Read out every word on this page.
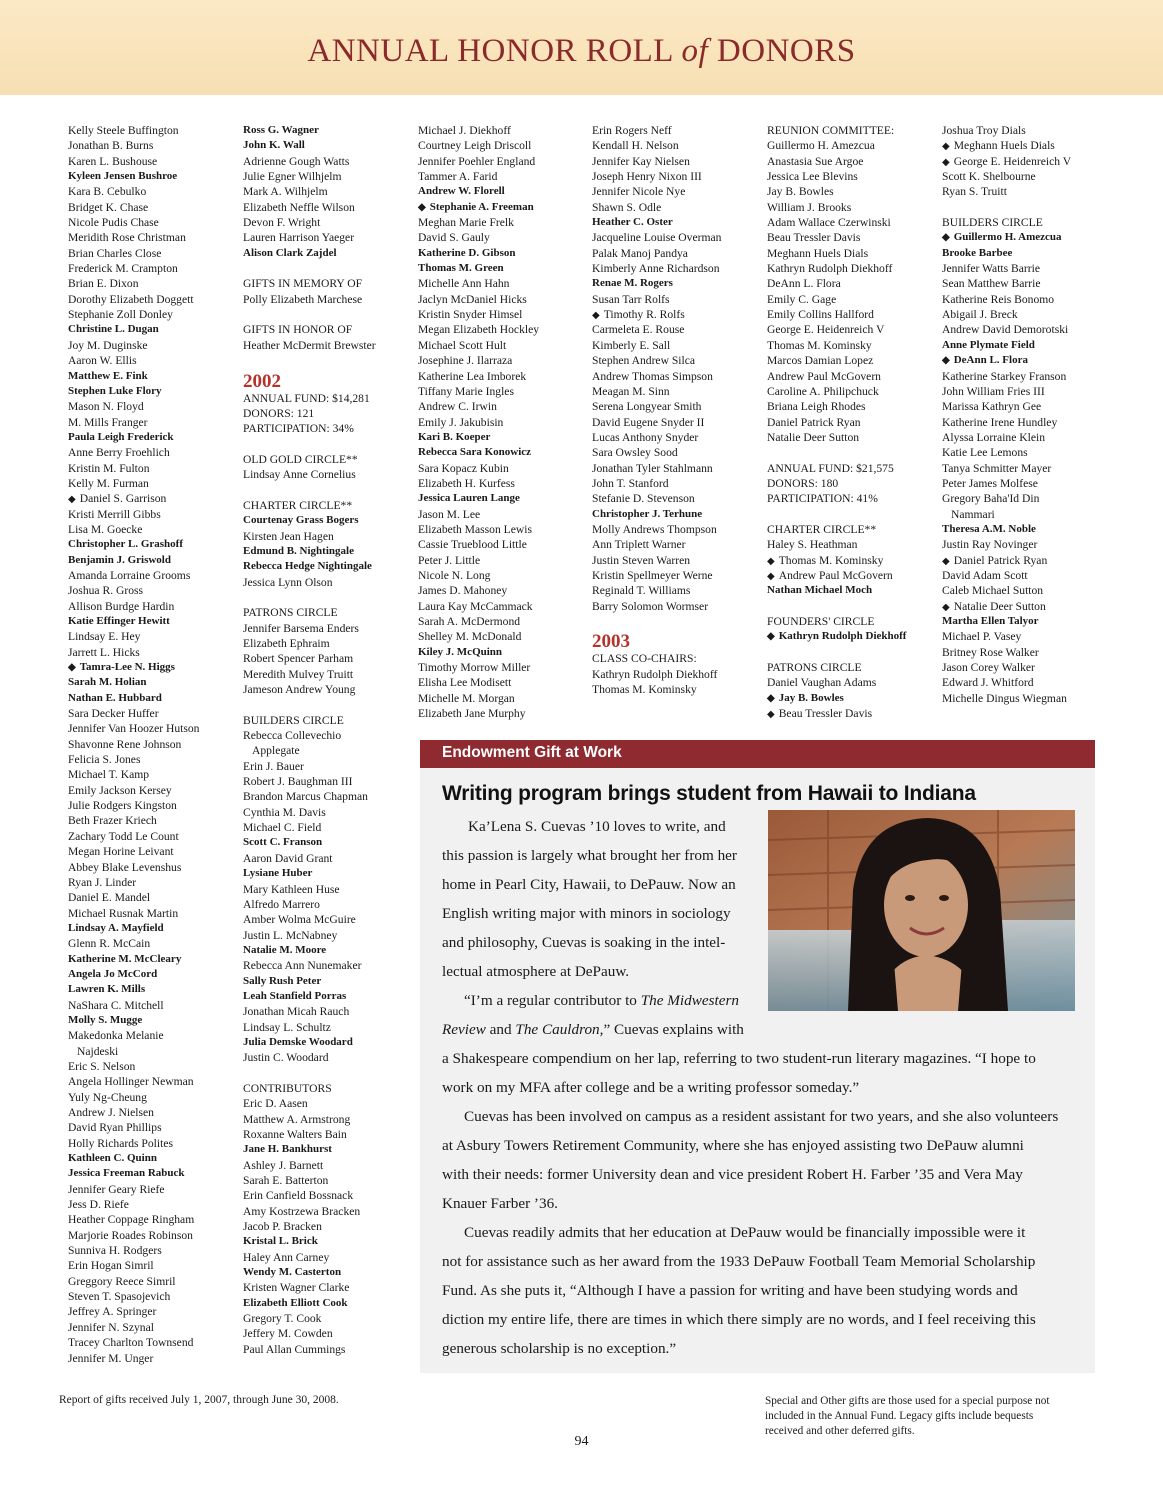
ANNUAL HONOR ROLL of DONORS
Kelly Steele Buffington
Jonathan B. Burns
Karen L. Bushouse
Kyleen Jensen Bushroe
Kara B. Cebulko
Bridget K. Chase
Nicole Pudis Chase
Meridith Rose Christman
Brian Charles Close
Frederick M. Crampton
Brian E. Dixon
Dorothy Elizabeth Doggett
Stephanie Zoll Donley
Christine L. Dugan
Joy M. Duginske
Aaron W. Ellis
Matthew E. Fink
Stephen Luke Flory
Mason N. Floyd
M. Mills Franger
Paula Leigh Frederick
Anne Berry Froehlich
Kristin M. Fulton
Kelly M. Furman
◆ Daniel S. Garrison
Kristi Merrill Gibbs
Lisa M. Goecke
Christopher L. Grashoff
Benjamin J. Griswold
Amanda Lorraine Grooms
Joshua R. Gross
Allison Burdge Hardin
Katie Effinger Hewitt
Lindsay E. Hey
Jarrett L. Hicks
◆ Tamra-Lee N. Higgs
Sarah M. Holian
Nathan E. Hubbard
Sara Decker Huffer
Jennifer Van Hoozer Hutson
Shavonne Rene Johnson
Felicia S. Jones
Michael T. Kamp
Emily Jackson Kersey
Julie Rodgers Kingston
Beth Frazer Kriech
Zachary Todd Le Count
Megan Horine Leivant
Abbey Blake Levenshus
Ryan J. Linder
Daniel E. Mandel
Michael Rusnak Martin
Lindsay A. Mayfield
Glenn R. McCain
Katherine M. McCleary
Angela Jo McCord
Lawren K. Mills
NaShara C. Mitchell
Molly S. Mugge
Makedonka Melanie
Najdeski
Eric S. Nelson
Angela Hollinger Newman
Yuly Ng-Cheung
Andrew J. Nielsen
David Ryan Phillips
Holly Richards Polites
Kathleen C. Quinn
Jessica Freeman Rabuck
Jennifer Geary Riefe
Jess D. Riefe
Heather Coppage Ringham
Marjorie Roades Robinson
Sunniva H. Rodgers
Erin Hogan Simril
Greggory Reece Simril
Steven T. Spasojevich
Jeffrey A. Springer
Jennifer N. Szynal
Tracey Charlton Townsend
Jennifer M. Unger
Ross G. Wagner
John K. Wall
Adrienne Gough Watts
Julie Egner Wilhjelm
Mark A. Wilhjelm
Elizabeth Neffle Wilson
Devon F. Wright
Lauren Harrison Yaeger
Alison Clark Zajdel
GIFTS IN MEMORY OF
Polly Elizabeth Marchese
GIFTS IN HONOR OF
Heather McDermit Brewster
2002
ANNUAL FUND: $14,281
DONORS: 121
PARTICIPATION: 34%
OLD GOLD CIRCLE**
Lindsay Anne Cornelius
CHARTER CIRCLE**
Courtenay Grass Bogers
Kirsten Jean Hagen
Edmund B. Nightingale
Rebecca Hedge Nightingale
Jessica Lynn Olson
PATRONS CIRCLE
Jennifer Barsema Enders
Elizabeth Ephraim
Robert Spencer Parham
Meredith Mulvey Truitt
Jameson Andrew Young
BUILDERS CIRCLE
Rebecca Collevechio
Applegate
Erin J. Bauer
Robert J. Baughman III
Brandon Marcus Chapman
Cynthia M. Davis
Michael C. Field
Scott C. Franson
Aaron David Grant
Lysiane Huber
Mary Kathleen Huse
Alfredo Marrero
Amber Wolma McGuire
Justin L. McNabney
Natalie M. Moore
Rebecca Ann Nunemaker
Sally Rush Peter
Leah Stanfield Porras
Jonathan Micah Rauch
Lindsay L. Schultz
Julia Demske Woodard
Justin C. Woodard
CONTRIBUTORS
Eric D. Aasen
Matthew A. Armstrong
Roxanne Walters Bain
Jane H. Bankhurst
Ashley J. Barnett
Sarah E. Batterton
Erin Canfield Bossnack
Amy Kostrzewa Bracken
Jacob P. Bracken
Kristal L. Brick
Haley Ann Carney
Wendy M. Casterton
Kristen Wagner Clarke
Elizabeth Elliott Cook
Gregory T. Cook
Jeffery M. Cowden
Paul Allan Cummings
Michael J. Diekhoff
Courtney Leigh Driscoll
Jennifer Poehler England
Tammer A. Farid
Andrew W. Florell
◆ Stephanie A. Freeman
Meghan Marie Frelk
David S. Gauly
Katherine D. Gibson
Thomas M. Green
Michelle Ann Hahn
Jaclyn McDaniel Hicks
Kristin Snyder Himsel
Megan Elizabeth Hockley
Michael Scott Hult
Josephine J. Ilarraza
Katherine Lea Imborek
Tiffany Marie Ingles
Andrew C. Irwin
Emily J. Jakubisin
Kari B. Koeper
Rebecca Sara Konowicz
Sara Kopacz Kubin
Elizabeth H. Kurfess
Jessica Lauren Lange
Jason M. Lee
Elizabeth Masson Lewis
Cassie Trueblood Little
Peter J. Little
Nicole N. Long
James D. Mahoney
Laura Kay McCammack
Sarah A. McDermond
Shelley M. McDonald
Kiley J. McQuinn
Timothy Morrow Miller
Elisha Lee Modisett
Michelle M. Morgan
Elizabeth Jane Murphy
Erin Rogers Neff
Kendall H. Nelson
Jennifer Kay Nielsen
Joseph Henry Nixon III
Jennifer Nicole Nye
Shawn S. Odle
Heather C. Oster
Jacqueline Louise Overman
Palak Manoj Pandya
Kimberly Anne Richardson
Renae M. Rogers
Susan Tarr Rolfs
◆ Timothy R. Rolfs
Carmeleta E. Rouse
Kimberly E. Sall
Stephen Andrew Silca
Andrew Thomas Simpson
Meagan M. Sinn
Serena Longyear Smith
David Eugene Snyder II
Lucas Anthony Snyder
Sara Owsley Sood
Jonathan Tyler Stahlmann
John T. Stanford
Stefanie D. Stevenson
Christopher J. Terhune
Molly Andrews Thompson
Ann Triplett Warner
Justin Steven Warren
Kristin Spellmeyer Werne
Reginald T. Williams
Barry Solomon Wormser
2003
CLASS CO-CHAIRS:
Kathryn Rudolph Diekhoff
Thomas M. Kominsky
REUNION COMMITTEE:
Guillermo H. Amezcua
Anastasia Sue Argoe
Jessica Lee Blevins
Jay B. Bowles
William J. Brooks
Adam Wallace Czerwinski
Beau Tressler Davis
Meghann Huels Dials
Kathryn Rudolph Diekhoff
DeAnn L. Flora
Emily C. Gage
Emily Collins Hallford
George E. Heidenreich V
Thomas M. Kominsky
Marcos Damian Lopez
Andrew Paul McGovern
Caroline A. Philipchuck
Briana Leigh Rhodes
Daniel Patrick Ryan
Natalie Deer Sutton
ANNUAL FUND: $21,575
DONORS: 180
PARTICIPATION: 41%
CHARTER CIRCLE**
Haley S. Heathman
◆ Thomas M. Kominsky
◆ Andrew Paul McGovern
Nathan Michael Moch
FOUNDERS' CIRCLE
◆ Kathryn Rudolph Diekhoff
PATRONS CIRCLE
Daniel Vaughan Adams
◆ Jay B. Bowles
◆ Beau Tressler Davis
Joshua Troy Dials
◆ Meghann Huels Dials
◆ George E. Heidenreich V
Scott K. Shelbourne
Ryan S. Truitt
BUILDERS CIRCLE
◆ Guillermo H. Amezcua
Brooke Barbee
Jennifer Watts Barrie
Sean Matthew Barrie
Katherine Reis Bonomo
Abigail J. Breck
Andrew David Demorotski
Anne Plymate Field
◆ DeAnn L. Flora
Katherine Starkey Franson
John William Fries III
Marissa Kathryn Gee
Katherine Irene Hundley
Alyssa Lorraine Klein
Katie Lee Lemons
Tanya Schmitter Mayer
Peter James Molfese
Gregory Baha'Id Din
Nammari
Theresa A.M. Noble
Justin Ray Novinger
◆ Daniel Patrick Ryan
David Adam Scott
Caleb Michael Sutton
◆ Natalie Deer Sutton
Martha Ellen Talyor
Michael P. Vasey
Britney Rose Walker
Jason Corey Walker
Edward J. Whitford
Michelle Dingus Wiegman
Endowment Gift at Work
Writing program brings student from Hawaii to Indiana
Ka’Lena S. Cuevas ’10 loves to write, and
this passion is largely what brought her from her
home in Pearl City, Hawaii, to DePauw. Now an
English writing major with minors in sociology
and philosophy, Cuevas is soaking in the intel-
lectual atmosphere at DePauw.
“I’m a regular contributor to The Midwestern
Review and The Cauldron,” Cuevas explains with
a Shakespeare compendium on her lap, referring to two student-run literary magazines. “I hope to
work on my MFA after college and be a writing professor someday.”
Cuevas has been involved on campus as a resident assistant for two years, and she also volunteers
at Asbury Towers Retirement Community, where she has enjoyed assisting two DePauw alumni
with their needs: former University dean and vice president Robert H. Farber ’35 and Vera May
Knauer Farber ’36.
Cuevas readily admits that her education at DePauw would be financially impossible were it
not for assistance such as her award from the 1933 DePauw Football Team Memorial Scholarship
Fund. As she puts it, “Although I have a passion for writing and have been studying words and
diction my entire life, there are times in which there simply are no words, and I feel receiving this
generous scholarship is no exception.”
Report of gifts received July 1, 2007, through June 30, 2008.	Special and Other gifts are those used for a special purpose not
included in the Annual Fund. Legacy gifts include bequests
received and other deferred gifts.
94
